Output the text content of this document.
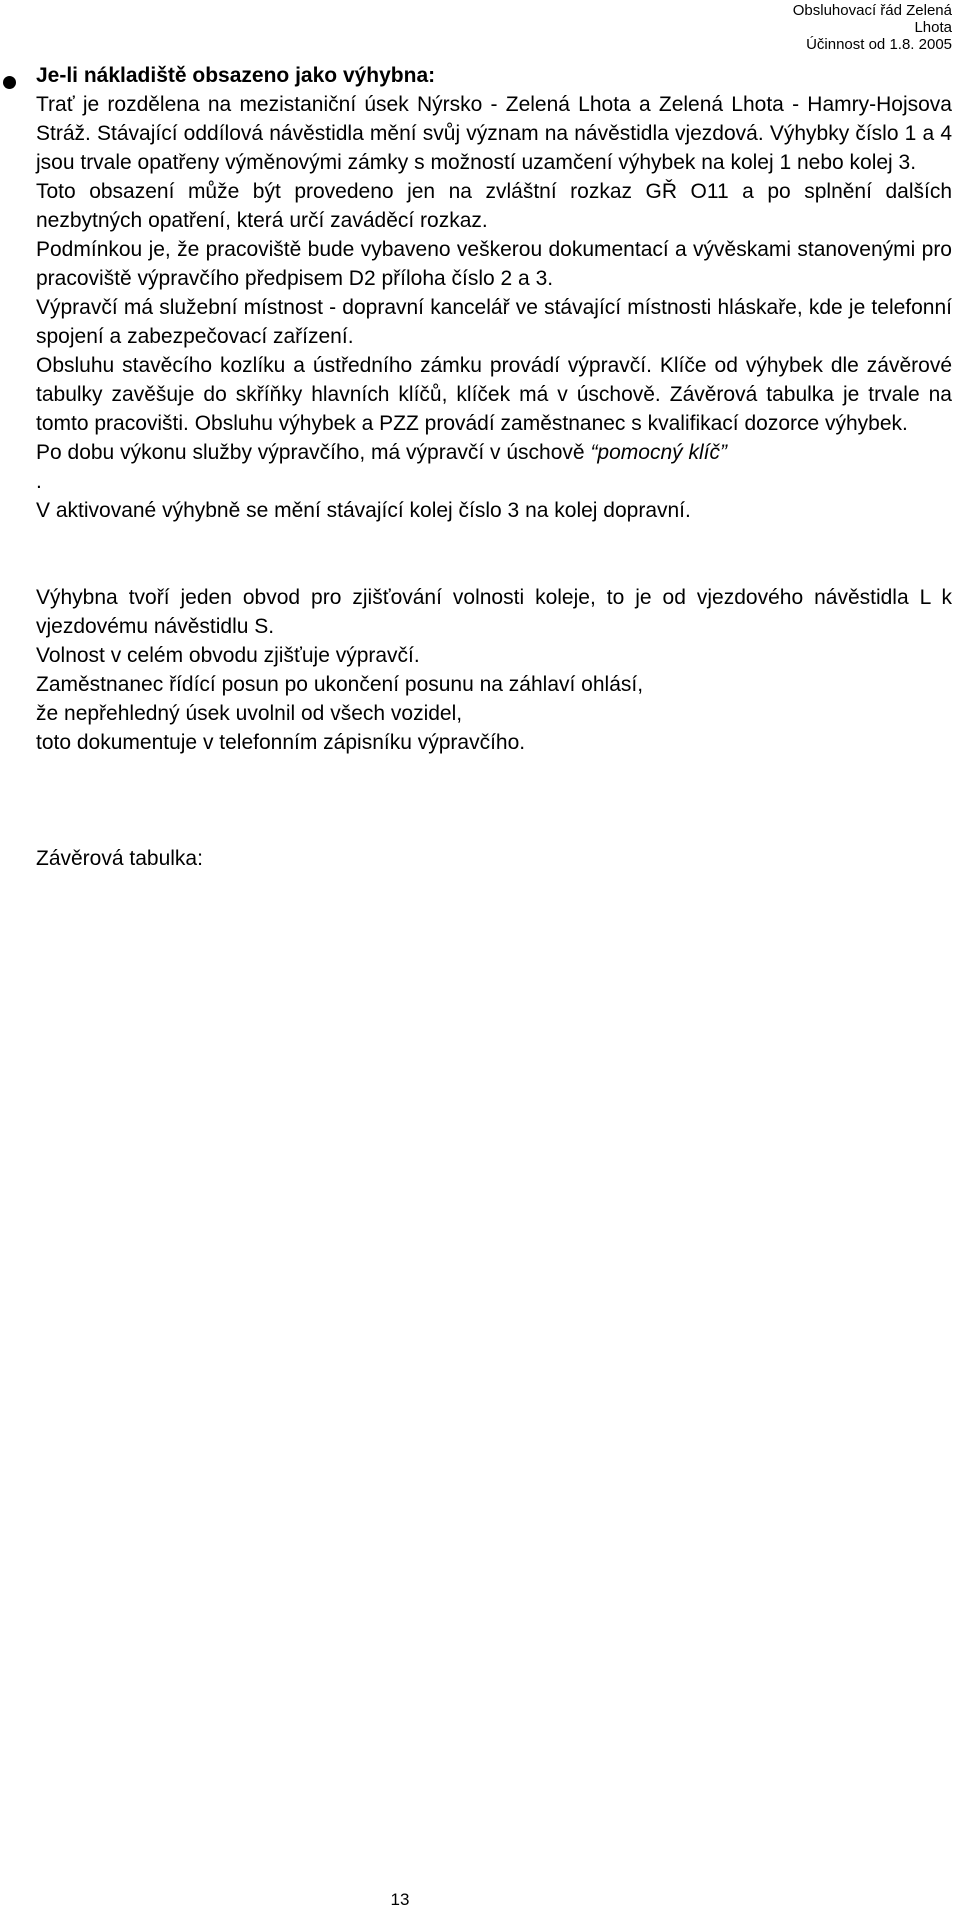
Obsluhovací řád Zelená
Lhota
Účinnost od 1.8. 2005

Je-li nákladiště obsazeno jako výhybna:

Trať je rozdělena na mezistaniční úsek Nýrsko - Zelená Lhota a Zelená Lhota - Hamry-Hojsova Stráž. Stávající oddílová návěstidla mění svůj význam na návěstidla vjezdová. Výhybky číslo 1 a 4 jsou trvale opatřeny výměnovými zámky s možností uzamčení výhybek na kolej 1 nebo kolej 3.

Toto obsazení může být provedeno jen na zvláštní rozkaz GŘ O11 a po splnění dalších nezbytných opatření, která určí zaváděcí rozkaz.

Podmínkou je, že pracoviště bude vybaveno veškerou dokumentací a vývěskami stanovenými pro pracoviště výpravčího předpisem D2 příloha číslo 2 a 3.

Výpravčí má služební místnost - dopravní kancelář ve stávající místnosti hláskaře, kde je telefonní spojení a zabezpečovací zařízení.

Obsluhu stavěcího kozlíku a ústředního zámku provádí výpravčí. Klíče od výhybek dle závěrové tabulky zavěšuje do skříňky hlavních klíčů, klíček má v úschově. Závěrová tabulka je trvale na tomto pracovišti. Obsluhu výhybek a PZZ provádí zaměstnanec s kvalifikací dozorce výhybek.

Po dobu výkonu služby výpravčího, má výpravčí v úschově “pomocný klíč”
.

V aktivované výhybně se mění stávající kolej číslo 3 na kolej dopravní.

Výhybna tvoří jeden obvod pro zjišťování volnosti koleje, to je od vjezdového návěstidla L k vjezdovému návěstidlu S.

Volnost v celém obvodu zjišťuje výpravčí.

Zaměstnanec řídící posun po ukončení posunu na záhlaví ohlásí,

že nepřehledný úsek uvolnil od všech vozidel,

toto dokumentuje v telefonním zápisníku výpravčího.

Závěrová tabulka:

13
